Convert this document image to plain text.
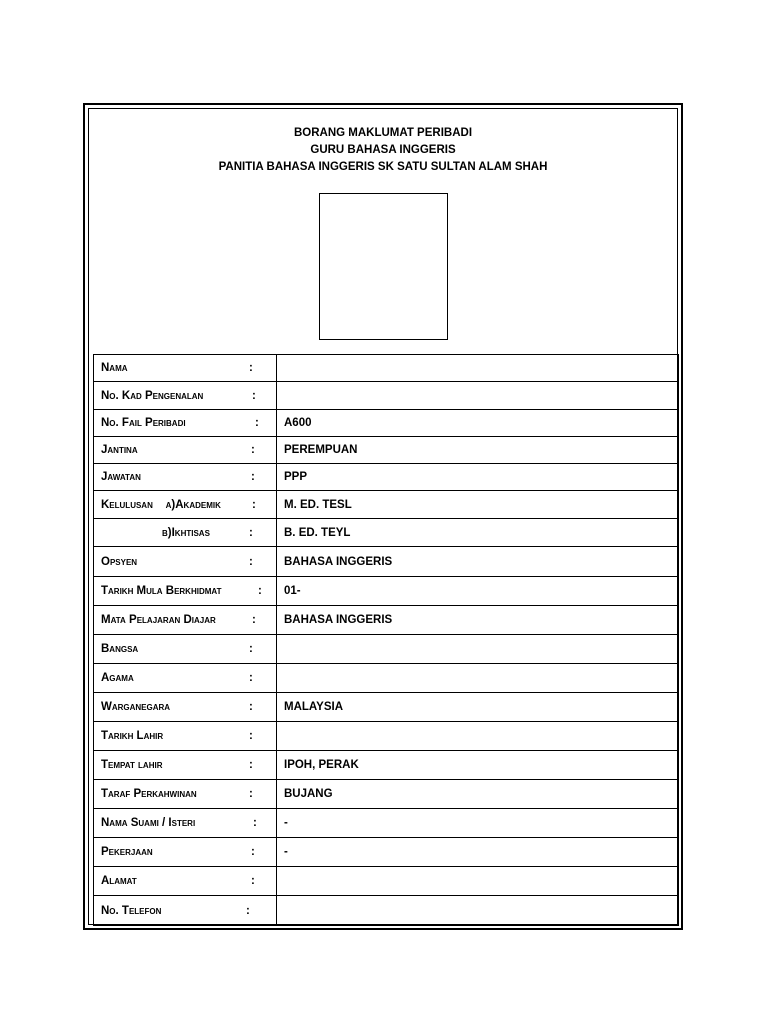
BORANG MAKLUMAT PERIBADI
GURU BAHASA INGGERIS
PANITIA BAHASA INGGERIS SK SATU SULTAN ALAM SHAH
Nama :	

No. Kad Pengenalan :	

No. Fail Peribadi :	A600
Jantina :	PEREMPUAN
Jawatan :	PPP
Kelulusan    a)Akademik :	M. ED. TESL

b)Ikhtisas :	B. ED. TEYL
Opsyen :	BAHASA INGGERIS
Tarikh Mula Berkhidmat :	01-
Mata Pelajaran Diajar :	BAHASA INGGERIS
Bangsa :	

Agama :	

Warganegara :	MALAYSIA
Tarikh Lahir :	

Tempat lahir :	IPOH, PERAK
Taraf Perkahwinan :	BUJANG
Nama Suami / Isteri :	-
Pekerjaan :	-
Alamat :	

No. Telefon :	
